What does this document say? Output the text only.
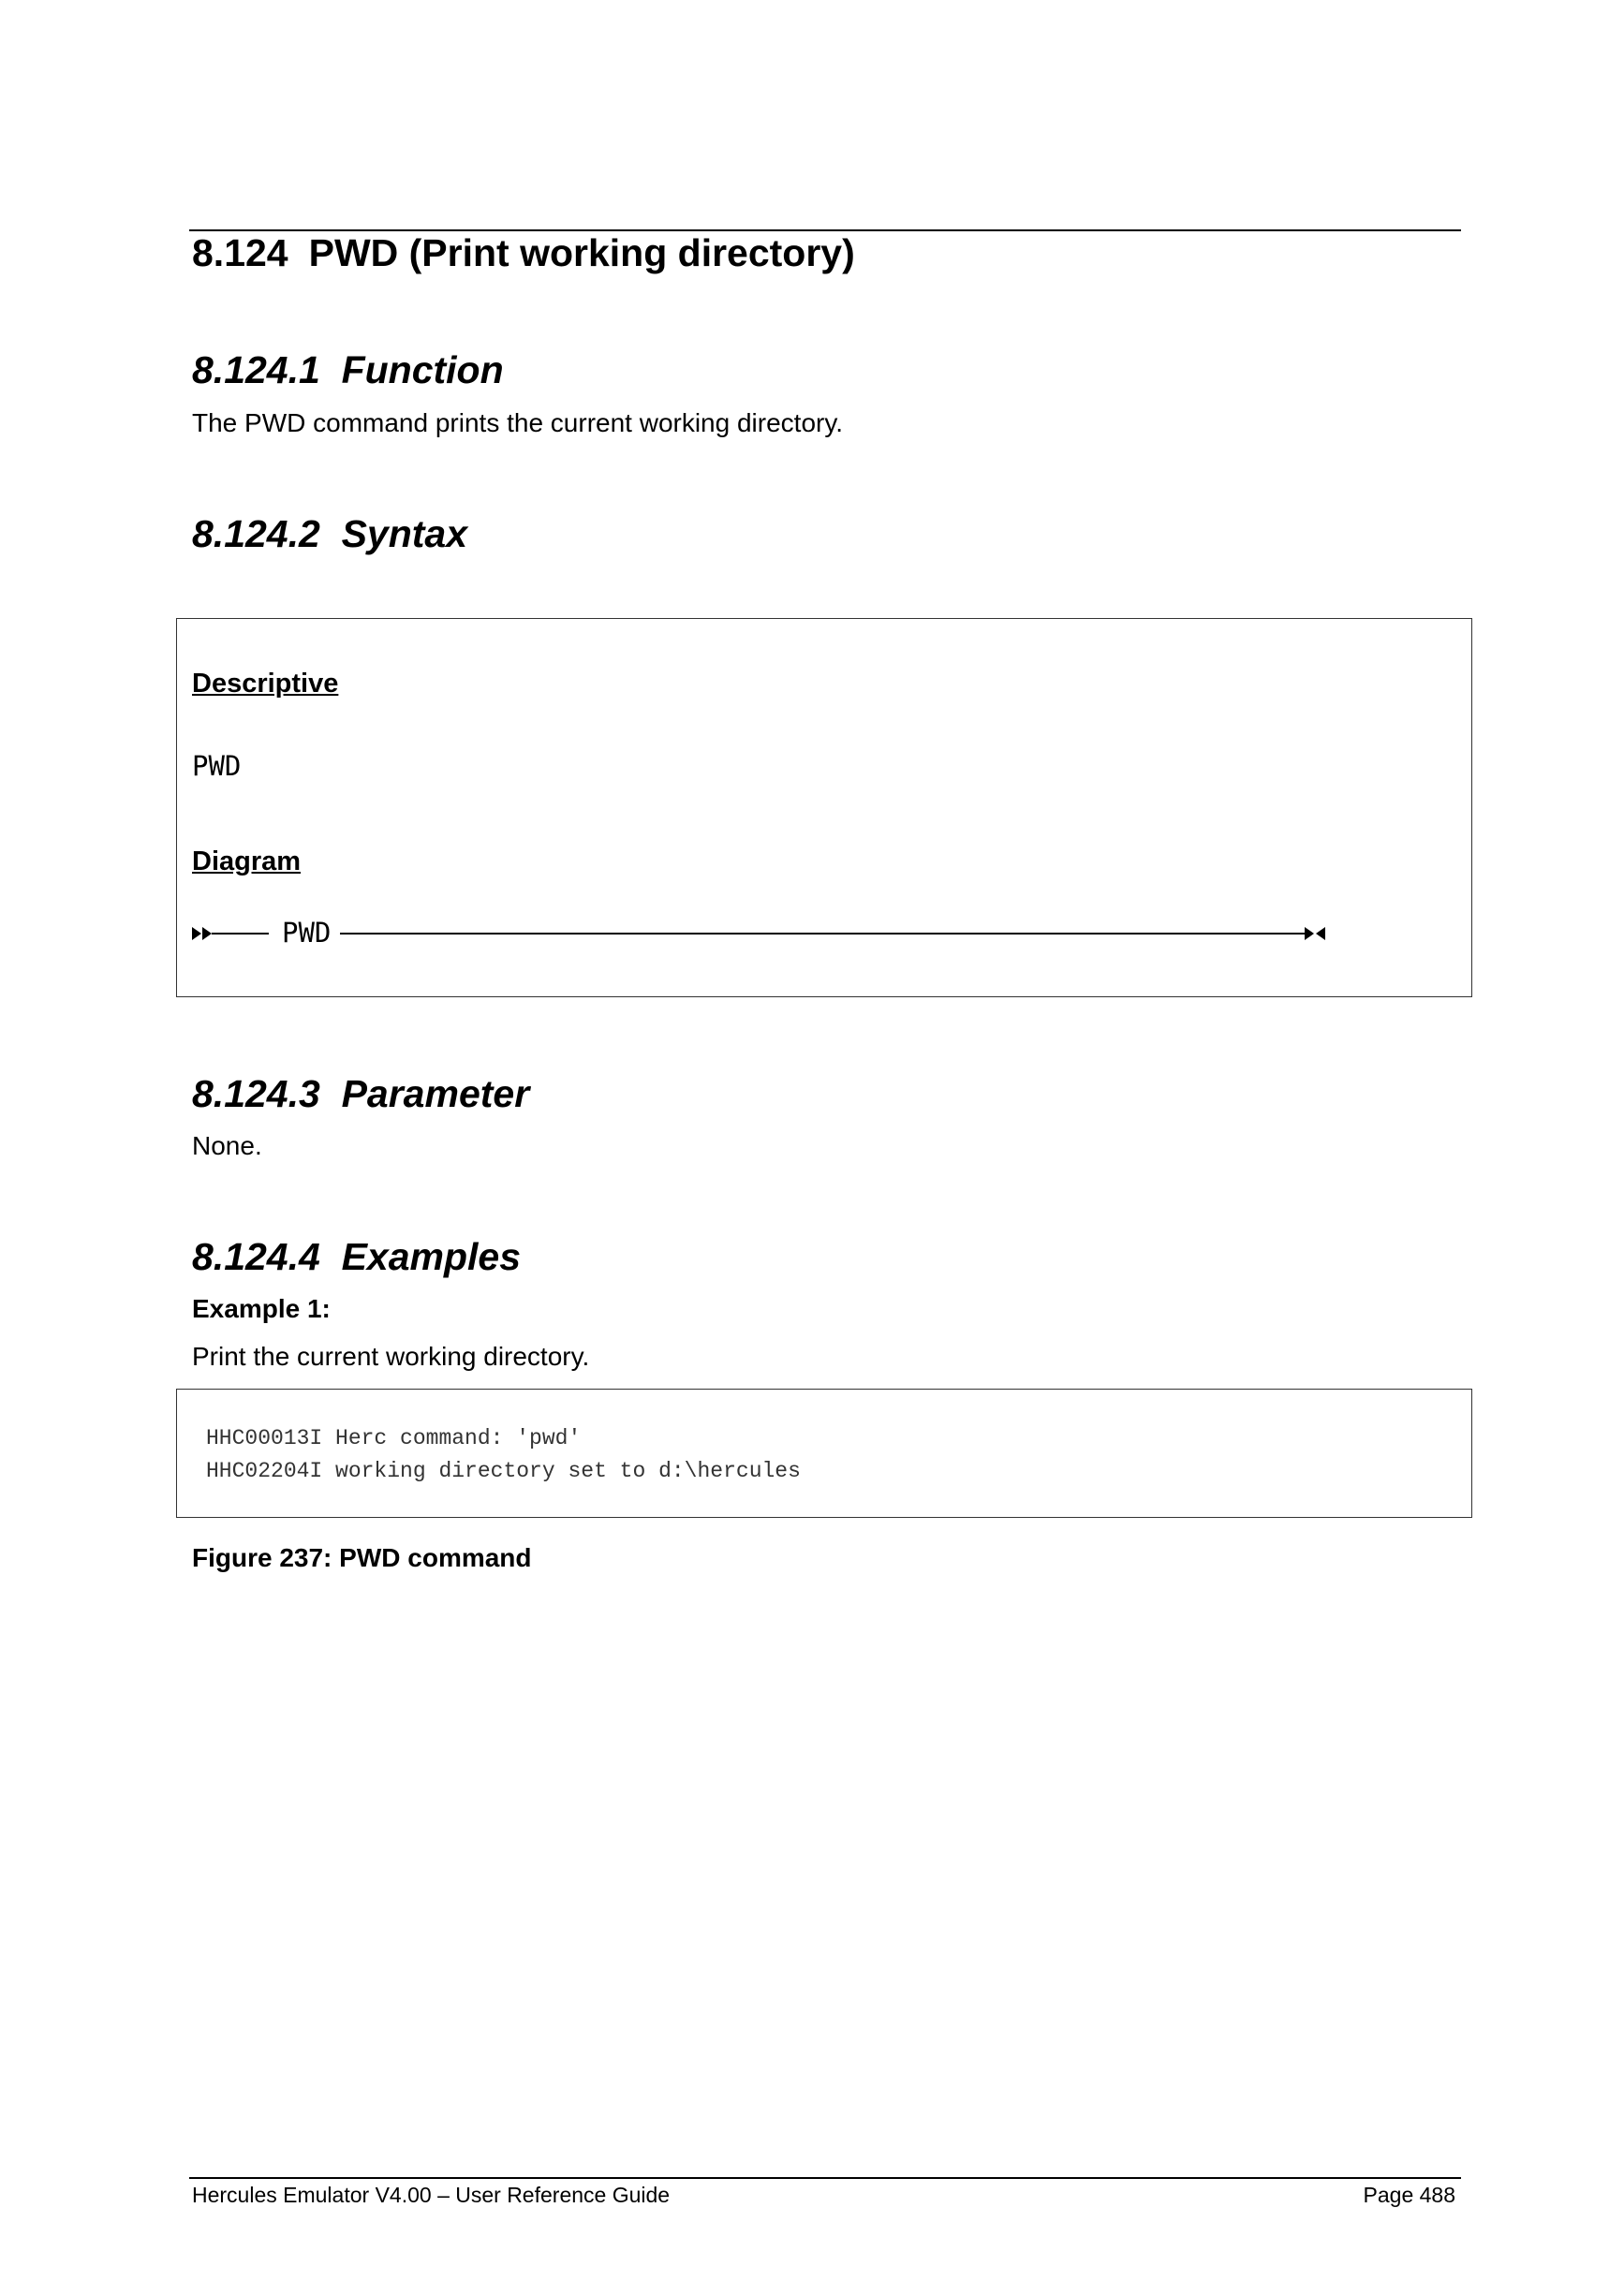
8.124 PWD (Print working directory)
8.124.1  Function
The PWD command prints the current working directory.
8.124.2  Syntax
Descriptive
PWD
Diagram
PWD
8.124.3  Parameter
None.
8.124.4  Examples
Example 1:
Print the current working directory.
HHC00013I Herc command: 'pwd'
HHC02204I working directory set to d:\hercules
Figure 237: PWD command
Hercules Emulator V4.00 – User Reference Guide	Page 488
